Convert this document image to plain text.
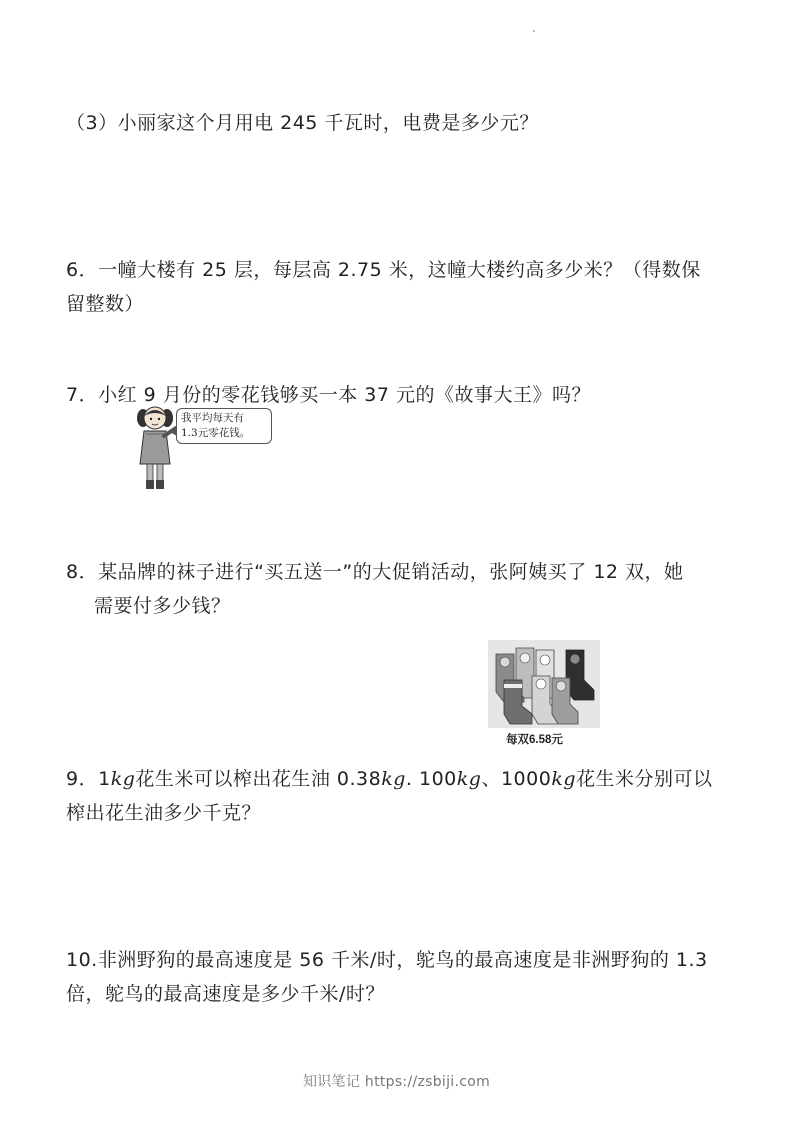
（3）小丽家这个月用电 245 千瓦时，电费是多少元？
6．一幢大楼有 25 层，每层高 2.75 米，这幢大楼约高多少米？（得数保
留整数）
7．小红 9 月份的零花钱够买一本 37 元的《故事大王》吗？
我平均每天有
1.3元零花钱。
8．某品牌的袜子进行“买五送一”的大促销活动，张阿姨买了 12 双，她
需要付多少钱？
每双6.58元
9．1kg花生米可以榨出花生油 0.38kg. 100kg、1000kg花生米分别可以
榨出花生油多少千克？
10.非洲野狗的最高速度是 56 千米/时，鸵鸟的最高速度是非洲野狗的 1.3
倍，鸵鸟的最高速度是多少千米/时？
知识笔记 https://zsbiji.com
